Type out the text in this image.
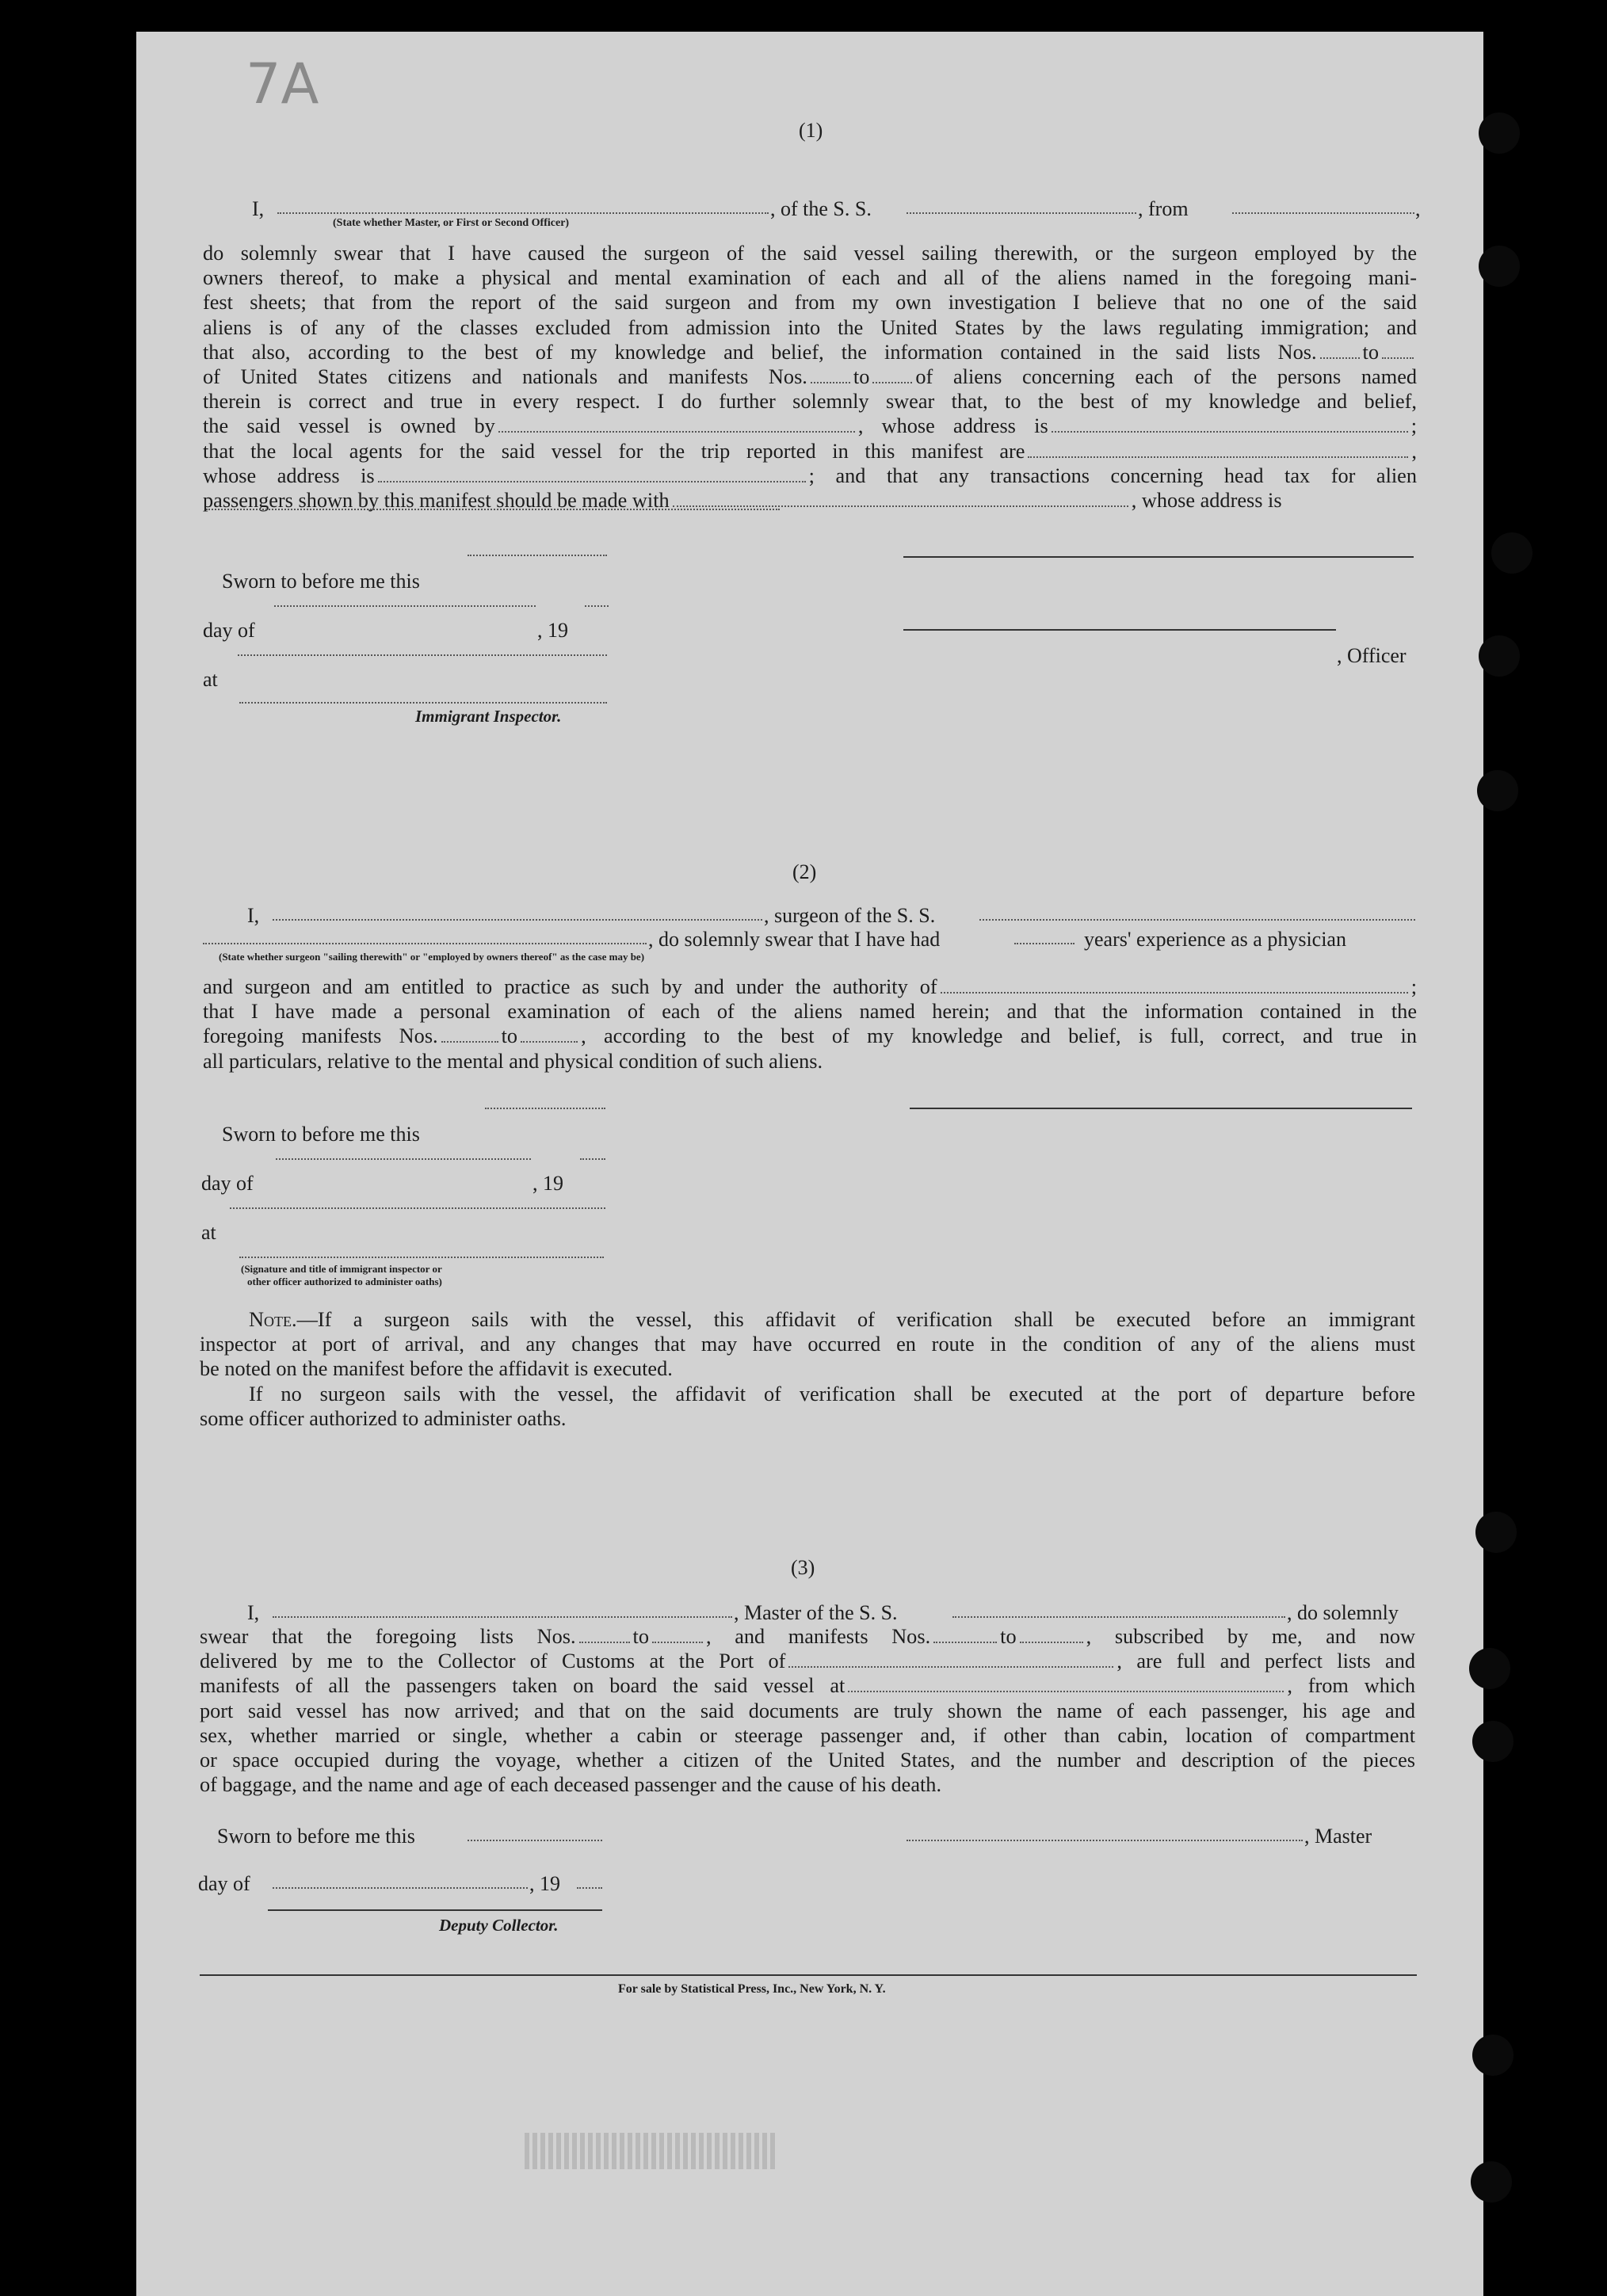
7A
(1)
I,	, of the S. S.	, from	,
(State whether Master, or First or Second Officer)
do solemnly swear that I have caused the surgeon of the said vessel sailing therewith, or the surgeon employed by the
owners thereof, to make a physical and mental examination of each and all of the aliens named in the foregoing mani-
fest sheets; that from the report of the said surgeon and from my own investigation I believe that no one of the said
aliens is of any of the classes excluded from admission into the United States by the laws regulating immigration; and
that also, according to the best of my knowledge and belief, the information contained in the said lists Nos. to
of United States citizens and nationals and manifests Nos. to of aliens concerning each of the persons named
therein is correct and true in every respect. I do further solemnly swear that, to the best of my knowledge and belief,
the said vessel is owned by	, whose address is	;
that the local agents for the said vessel for the trip reported in this manifest are	,
whose address is	; and that any transactions concerning head tax for alien
passengers shown by this manifest should be made with	, whose address is
Sworn to before me this
day of	, 19
, Officer
at
Immigrant Inspector.
(2)
I,	, surgeon of the S. S.
, do solemnly swear that I have had	years' experience as a physician
(State whether surgeon "sailing therewith" or "employed by owners thereof" as the case may be)
and surgeon and am entitled to practice as such by and under the authority of	;
that I have made a personal examination of each of the aliens named herein; and that the information contained in the
foregoing manifests Nos.	to	, according to the best of my knowledge and belief, is full, correct, and true in
all particulars, relative to the mental and physical condition of such aliens.
Sworn to before me this
day of	, 19
at
(Signature and title of immigrant inspector or
other officer authorized to administer oaths)
Note.—If a surgeon sails with the vessel, this affidavit of verification shall be executed before an immigrant
inspector at port of arrival, and any changes that may have occurred en route in the condition of any of the aliens must
be noted on the manifest before the affidavit is executed.
If no surgeon sails with the vessel, the affidavit of verification shall be executed at the port of departure before
some officer authorized to administer oaths.
(3)
I,	, Master of the S. S.	, do solemnly
swear that the foregoing lists Nos.	to	, and manifests Nos.	to	, subscribed by me, and now
delivered by me to the Collector of Customs at the Port of	, are full and perfect lists and
manifests of all the passengers taken on board the said vessel at	, from which
port said vessel has now arrived; and that on the said documents are truly shown the name of each passenger, his age and
sex, whether married or single, whether a cabin or steerage passenger and, if other than cabin, location of compartment
or space occupied during the voyage, whether a citizen of the United States, and the number and description of the pieces
of baggage, and the name and age of each deceased passenger and the cause of his death.
Sworn to before me this	, Master
day of	, 19
Deputy Collector.
For sale by Statistical Press, Inc., New York, N. Y.
